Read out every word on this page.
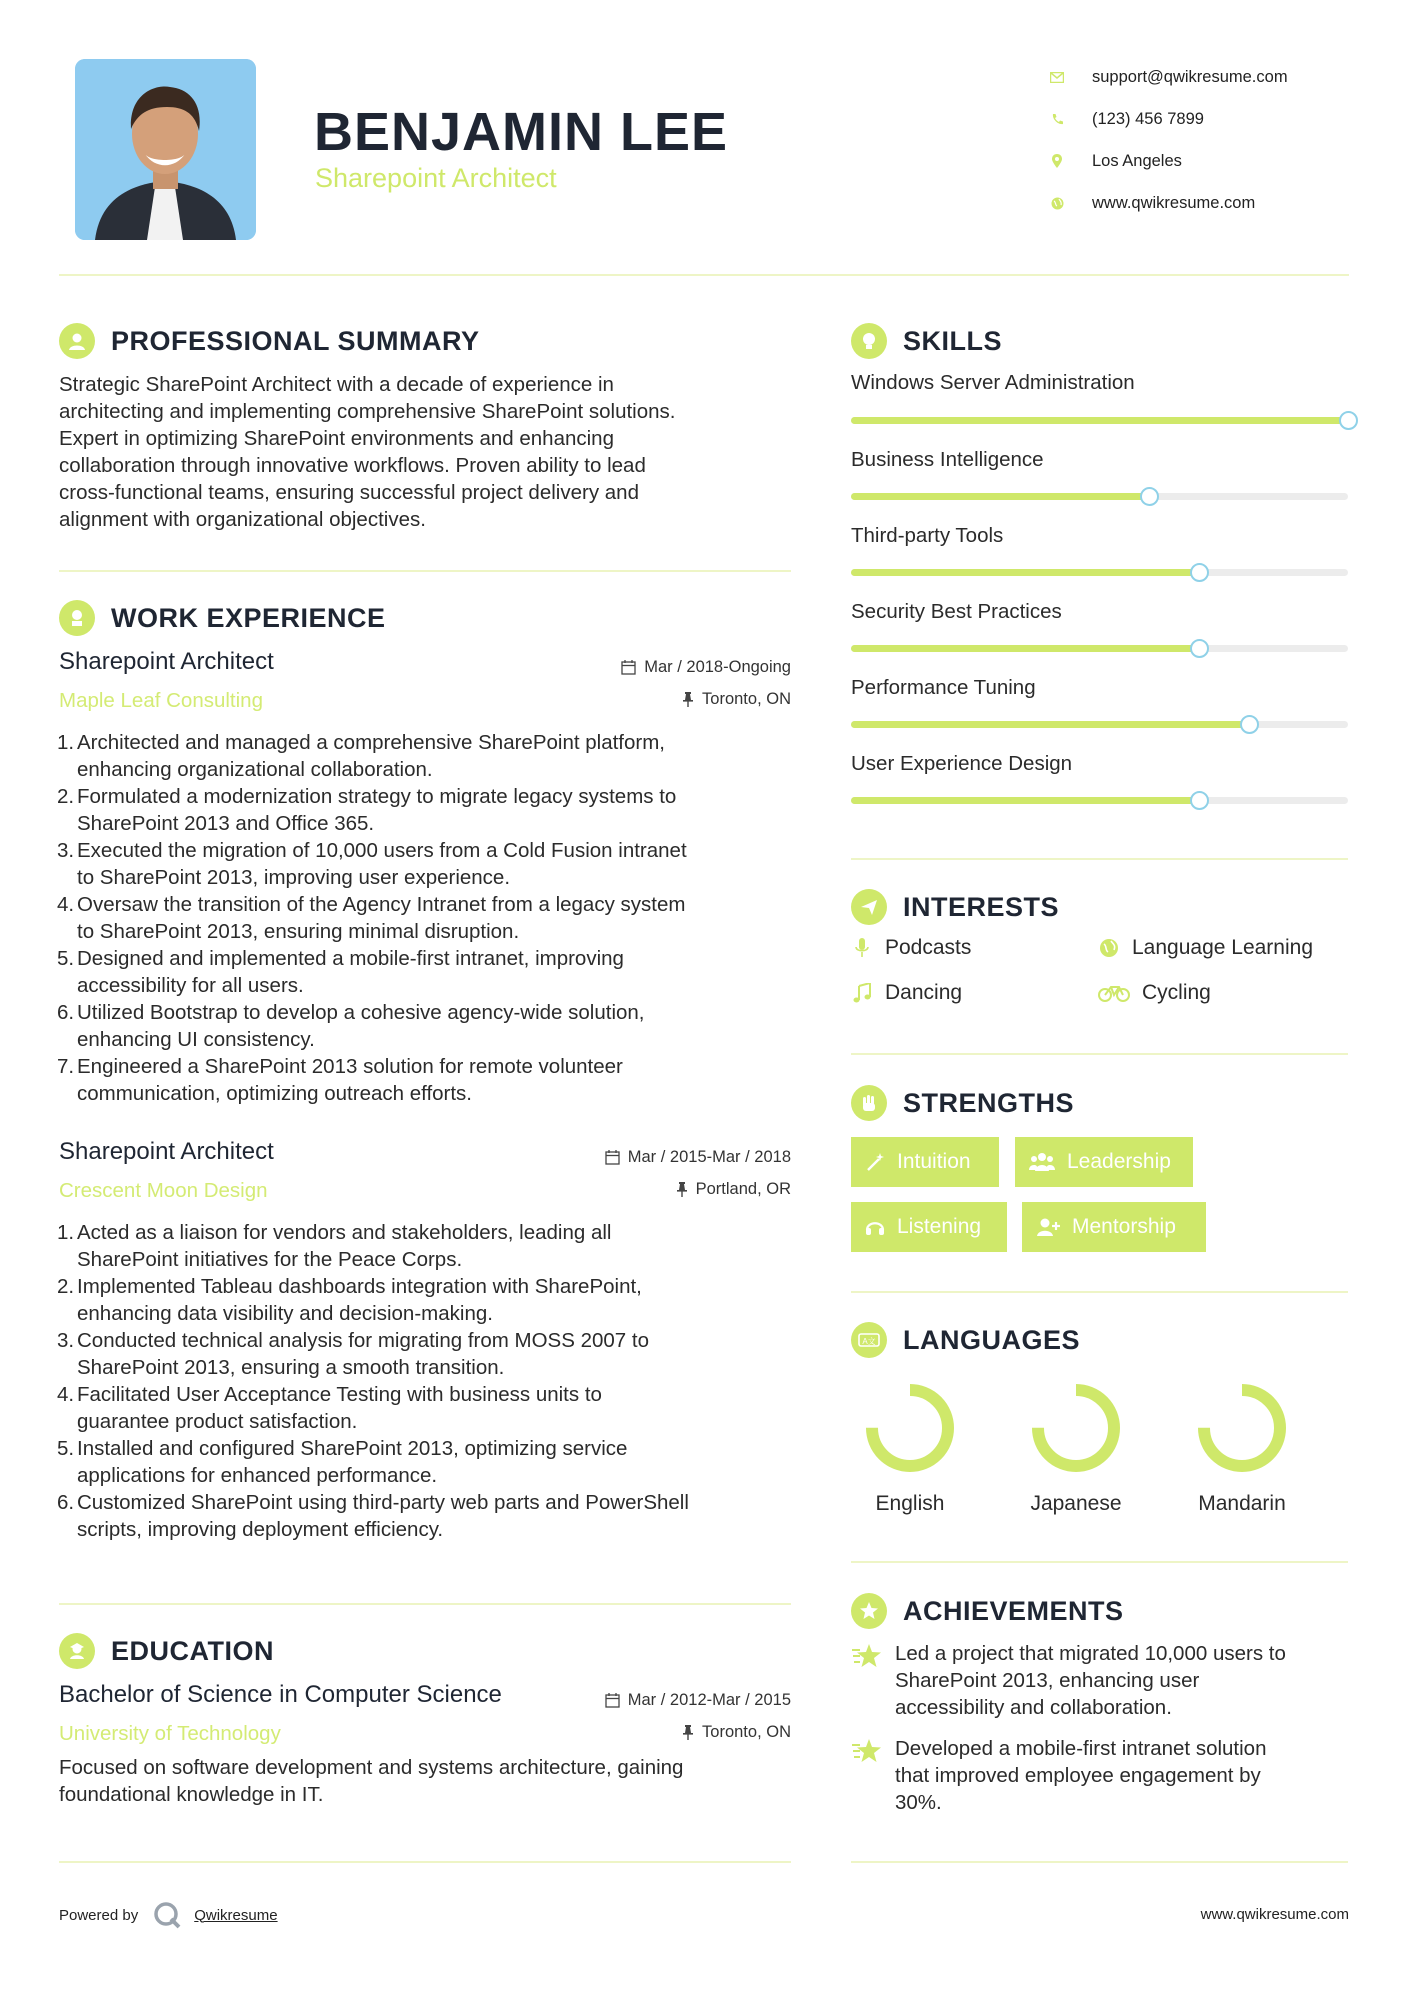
BENJAMIN LEE
Sharepoint Architect
support@qwikresume.com
(123) 456 7899
Los Angeles
www.qwikresume.com
PROFESSIONAL SUMMARY
Strategic SharePoint Architect with a decade of experience in
architecting and implementing comprehensive SharePoint solutions.
Expert in optimizing SharePoint environments and enhancing
collaboration through innovative workflows. Proven ability to lead
cross-functional teams, ensuring successful project delivery and
alignment with organizational objectives.
WORK EXPERIENCE
Sharepoint Architect
Maple Leaf Consulting
Mar / 2018-Ongoing
Toronto, ON
1. Architected and managed a comprehensive SharePoint platform,
enhancing organizational collaboration.
2. Formulated a modernization strategy to migrate legacy systems to
SharePoint 2013 and Office 365.
3. Executed the migration of 10,000 users from a Cold Fusion intranet
to SharePoint 2013, improving user experience.
4. Oversaw the transition of the Agency Intranet from a legacy system
to SharePoint 2013, ensuring minimal disruption.
5. Designed and implemented a mobile-first intranet, improving
accessibility for all users.
6. Utilized Bootstrap to develop a cohesive agency-wide solution,
enhancing UI consistency.
7. Engineered a SharePoint 2013 solution for remote volunteer
communication, optimizing outreach efforts.
Sharepoint Architect
Crescent Moon Design
Mar / 2015-Mar / 2018
Portland, OR
1. Acted as a liaison for vendors and stakeholders, leading all
SharePoint initiatives for the Peace Corps.
2. Implemented Tableau dashboards integration with SharePoint,
enhancing data visibility and decision-making.
3. Conducted technical analysis for migrating from MOSS 2007 to
SharePoint 2013, ensuring a smooth transition.
4. Facilitated User Acceptance Testing with business units to
guarantee product satisfaction.
5. Installed and configured SharePoint 2013, optimizing service
applications for enhanced performance.
6. Customized SharePoint using third-party web parts and PowerShell
scripts, improving deployment efficiency.
EDUCATION
Bachelor of Science in Computer Science
University of Technology
Mar / 2012-Mar / 2015
Toronto, ON
Focused on software development and systems architecture, gaining
foundational knowledge in IT.
SKILLS
Windows Server Administration
Business Intelligence
Third-party Tools
Security Best Practices
Performance Tuning
User Experience Design
INTERESTS
Podcasts	Language Learning
Dancing	Cycling
STRENGTHS
Intuition	Leadership
Listening	Mentorship
A文 LANGUAGES
English	Japanese	Mandarin
ACHIEVEMENTS
Led a project that migrated 10,000 users to
SharePoint 2013, enhancing user
accessibility and collaboration.
Developed a mobile-first intranet solution
that improved employee engagement by
30%.
Powered by	Qwikresume	www.qwikresume.com
